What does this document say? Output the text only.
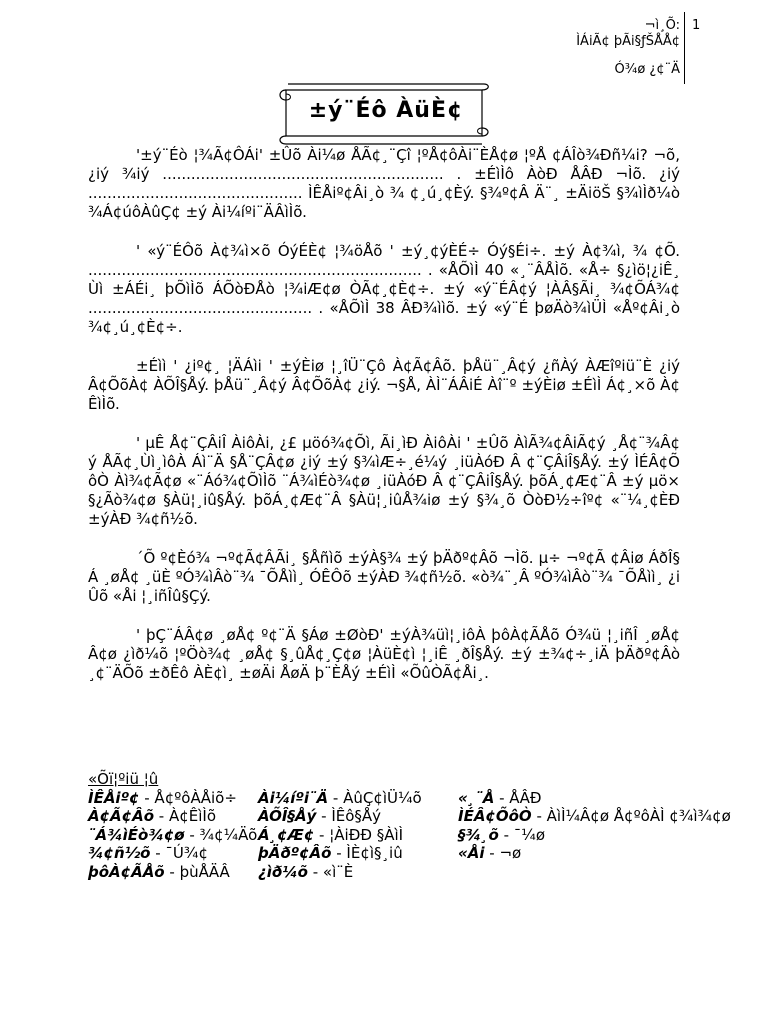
¬ì¸Õ:
ÌÁiÃ¢ þÃi§ƒŠÅÅ¢
Ó¾ø ¿¢¨Ä
1
±ý¨Éô ÀüÈ¢

'±ý¨Éò ¦¾Ã¢ÔÁi' ±Ûõ Ài¼ø ÅÃ¢¸¨Çî ¦ºÅ¢ôÀi¨ÈÅ¢ø ¦ºÅ ¢ÁÎò¾Ðñ¼i? ¬õ, ¿iý ¾iý ........................................................... . ±ÉìÌô ÀòÐ ÅÂÐ ¬Ìõ. ¿iý ............................................. ÌÊÅiº¢Âi¸ò ¾ ¢¸ú¸¢Èý. §¾º¢Â Ä¨¸ ±ÄiöŠ §¾ìÌð¼ò ¾Á¢úôÀûÇ¢ ±ý Ài¼íºi¨ÄÂìÌõ.

' «ý¨ÉÔõ À¢¾ì×õ ÓýÉÈ¢ ¦¾öÅõ ' ±ý¸¢ýÈÉ÷ Óý§Éi÷. ±ý À¢¾ì, ¾ ¢Õ. ...................................................................... . «ÅÕìÌ 40 «¸¨ÂÅÌõ. «Å÷ §¿ìö¦¿iÊ¸Ùì ±ÁÉi¸ þÕìÌõ ÁÕòÐÅò ¦¾iÆ¢ø ÒÃ¢¸¢È¢÷. ±ý «ý¨ÉÂ¢ý ¦ÀÂ§Ãi¸ ¾¢ÕÁ¾¢ ............................................... . «ÅÕìÌ 38 ÂÐ¾ììõ. ±ý «ý¨É þøÄò¾ìÜÌ «Åº¢Âi¸ò ¾¢¸ú¸¢È¢÷.

±Éìì ' ¿iº¢¸ ¦ÄÁìi ' ±ýÈiø ¦¸îÜ¨Çô À¢Ã¢Âõ. þÅü¨¸Â¢ý ¿ñÀý ÀÆîºiü¨È ¿iý Â¢ÕõÀ¢ ÀÕÎ§Åý. þÅü¨¸Â¢ý Â¢ÕõÀ¢ ¿iý. ¬§Å, ÀÌ¨ÁÂiÉ Àî¨º ±ýÈiø ±ÉìÌ Á¢¸×õ À¢ÊìÌõ.

' µÊ Å¢¨ÇÂiÎ ÀiôÀi, ¿£ µöó¾¢Õì, Ãi¸ìÐ ÀiôÀi ' ±Ûõ ÀìÃ¾¢ÂiÃ¢ý ¸Å¢¨¾Â¢ý ÅÃ¢¸Ùì¸ìôÀ Áì¨Ä §Å¨ÇÂ¢ø ¿iý ±ý §¾ìÆ÷¸é¼ý ¸iüÀóÐ Â ¢¨ÇÂiÎ§Åý. ±ý ÌÉÂ¢ÕôÒ Àì¾¢Ã¢ø «¨Áó¾¢ÕìÌõ ¨Á¾ìÉò¾¢ø ¸iüÀóÐ Â ¢¨ÇÂiÎ§Åý. þõÁ¸¢Æ¢¨Â ±ý µö× §¿Ãò¾¢ø §Àü¦¸iû§Åý. þõÁ¸¢Æ¢¨Â §Àü¦¸iûÅ¾iø ±ý §¾¸õ ÒòÐ½÷îº¢ «¨¼¸¢ÈÐ ±ýÀÐ ¾¢ñ½õ.

´Õ º¢Èó¾ ¬º¢Ã¢ÂÃi¸ §Åñìõ ±ýÀ§¾ ±ý þÄðº¢Âõ ¬Ìõ. µ÷ ¬º¢Ã ¢Âiø ÁðÎ§Á ¸øÅ¢ ¸üÈ ºÓ¾ìÂò¨¾ ¯ÕÅìì¸ ÓÊÔõ ±ýÀÐ ¾¢ñ½õ. «ò¾¨¸Â ºÓ¾ìÂò¨¾ ¯ÕÅìì¸ ¿iÛõ «Åi ¦¸iñÎû§Çý.

' þÇ¨ÁÂ¢ø ¸øÅ¢ º¢¨Ä §Áø ±ØòÐ' ±ýÀ¾üì¦¸iôÀ þôÀ¢ÃÅõ Ó¾ü ¦¸iñÎ ¸øÅ¢Â¢ø ¿ìð¼õ ¦ºÖò¾¢ ¸øÅ¢ §¸ûÅ¢¸Ç¢ø ¦ÀüÈ¢ì ¦¸iÊ ¸ðÎ§Åý. ±ý ±¾¢÷¸iÄ þÄðº¢Âò ¸¢¨ÄÕõ ±ðÊô ÀÈ¢ì¸ ±øÄi ÅøÄ þ¨ÈÅý ±ÉìÌ «ÕûÒÃ¢Åi¸.

«Õï¦ºiü ¦û
ÌÊÅiº¢ - Å¢ºôÀÅiõ÷ Ài¼íºi¨Ä - ÀûÇ¢ìÜ¼õ «¸¨Å - ÅÂÐ
À¢Ã¢Âõ - À¢ÊìÌõ	ÀÕÎ§Åý - ÌÊô§Åý	ÌÉÂ¢ÕôÒ - ÀìÌ¼Â¢ø Å¢ºôÀÌ ¢¾ì¾¢ø
¨Á¾ìÉò¾¢ø - ¾¢¼ÄõÁ¸¢Æ¢ - ¦ÀiÐÐ §ÀìÌ	§¾¸õ - ¯¼ø
¾¢ñ½õ - ¯Ú¾¢	þÄðº¢Âõ - ÌÈ¢ì§¸iû	«Åi - ¬ø
þôÀ¢ÃÅõ - þùÅÄÂ ¿ìð¼õ - «ì¨È
